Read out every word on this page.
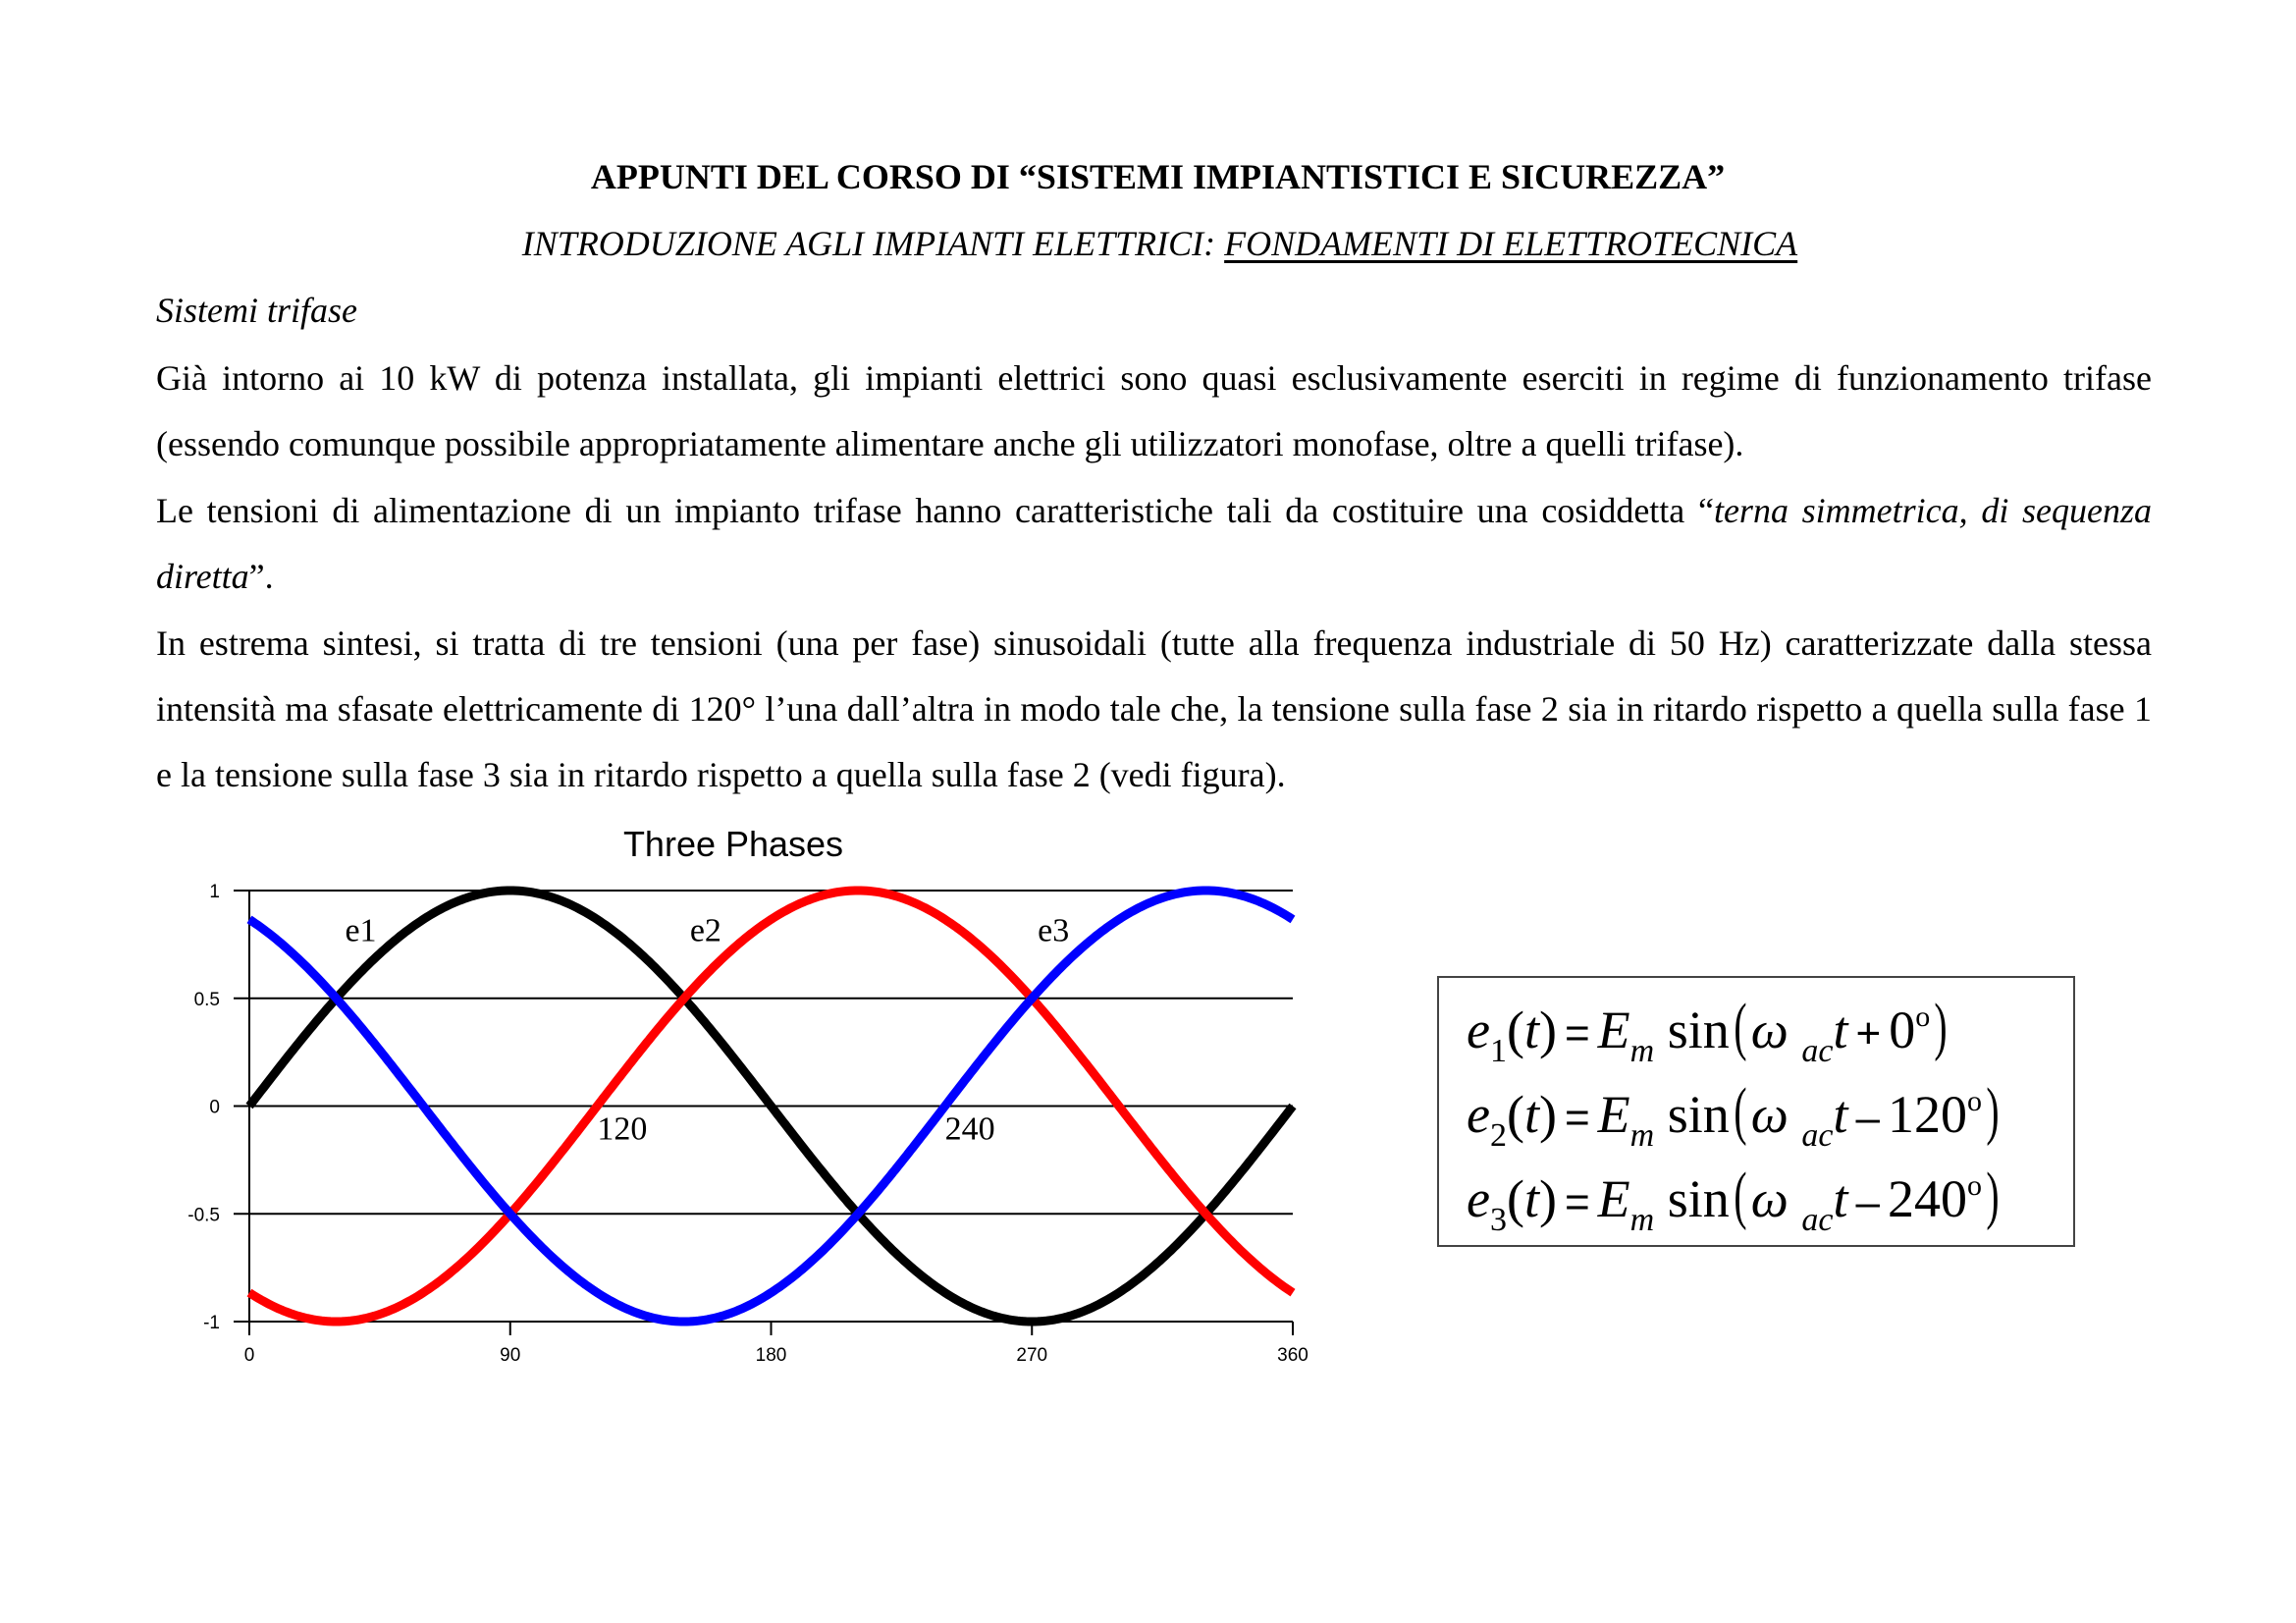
APPUNTI DEL CORSO DI “SISTEMI IMPIANTISTICI E SICUREZZA”
INTRODUZIONE AGLI IMPIANTI ELETTRICI: FONDAMENTI DI ELETTROTECNICA
Sistemi trifase

Già intorno ai 10 kW di potenza installata, gli impianti elettrici sono quasi esclusivamente eserciti in regime di funzionamento trifase (essendo comunque possibile appropriatamente alimentare anche gli utilizzatori monofase, oltre a quelli trifase).

Le tensioni di alimentazione di un impianto trifase hanno caratteristiche tali da costituire una cosiddetta “terna simmetrica, di sequenza diretta”.

In estrema sintesi, si tratta di tre tensioni (una per fase) sinusoidali (tutte alla frequenza industriale di 50 Hz) caratterizzate dalla stessa intensità ma sfasate elettricamente di 120° l’una dall’altra in modo tale che, la tensione sulla fase 2 sia in ritardo rispetto a quella sulla fase 1 e la tensione sulla fase 3 sia in ritardo rispetto a quella sulla fase 2 (vedi figura).

Three Phases
1
0.5
0
-0.5
-1
0	90	180	270	360
e1	e2	e3
120	240
$e_1(t) = E_m$ sin(ω $_{ac}t + 0^o$)
$e_2(t) = E_m$ sin(ω $_{ac}$t – 120$^o$)
$e_3(t) = E_m$ sin(ω $_{ac}$t – 240$^o$)
